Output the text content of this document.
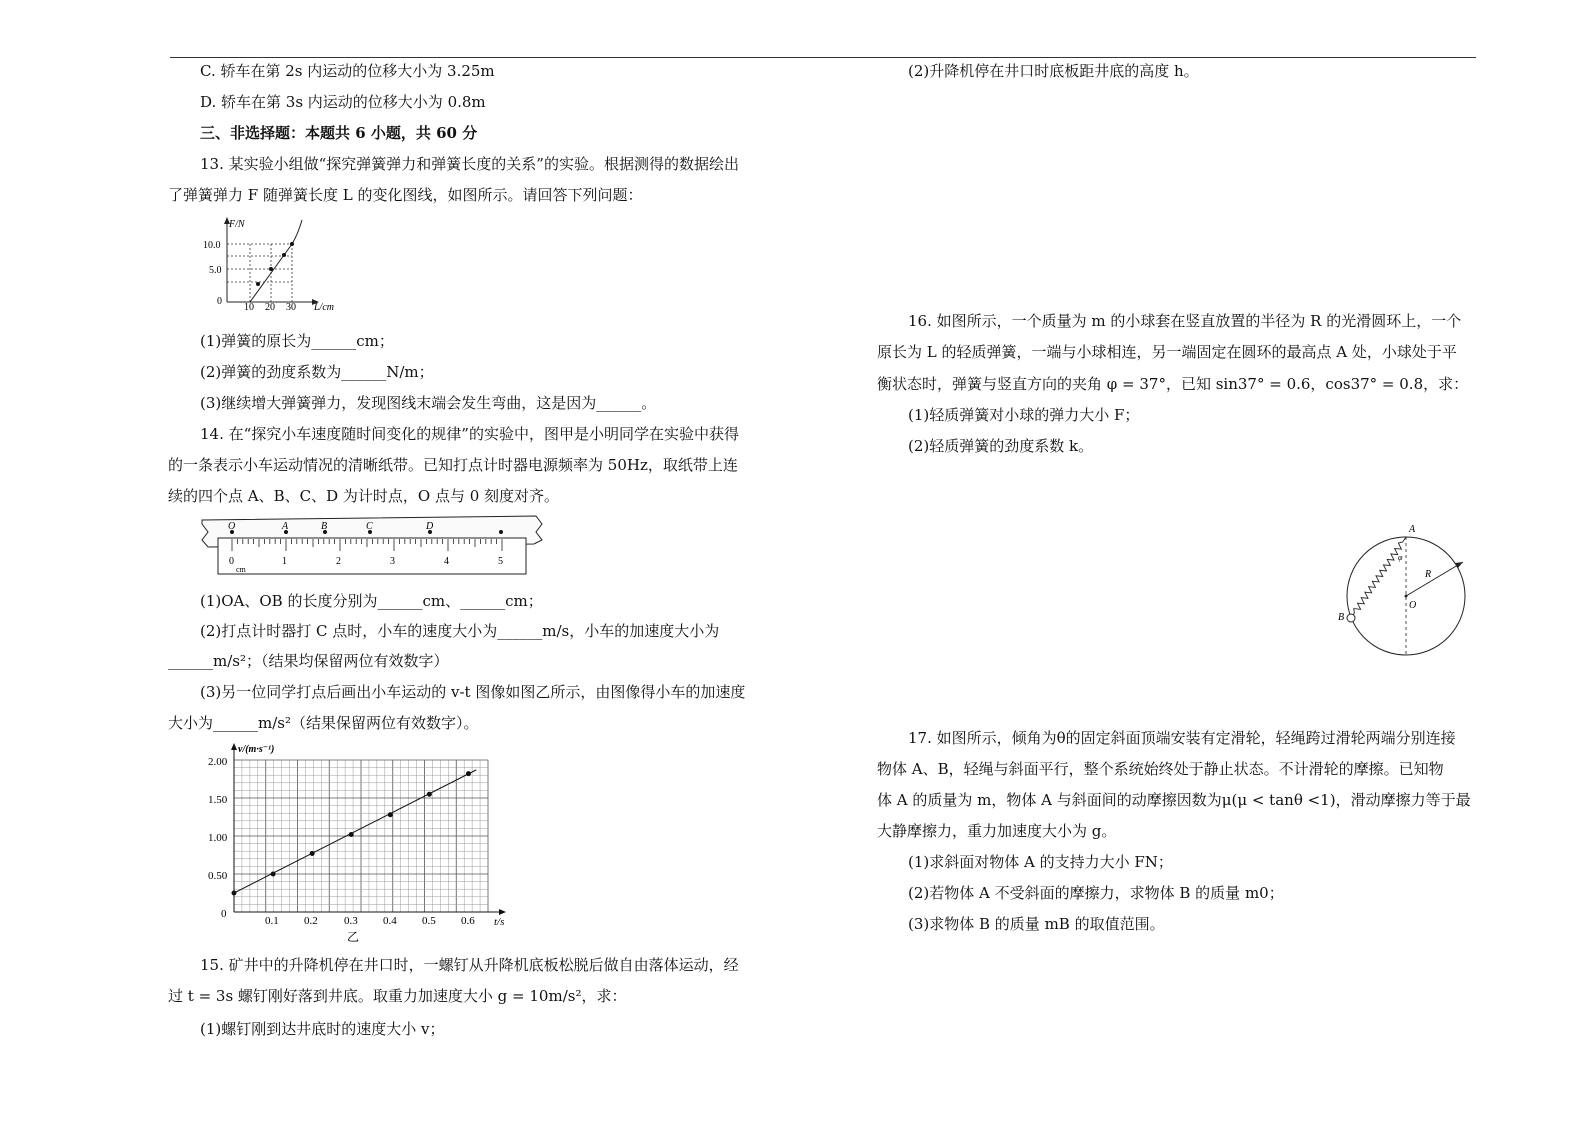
C. 轿车在第 2s 内运动的位移大小为 3.25m
D. 轿车在第 3s 内运动的位移大小为 0.8m
三、非选择题：本题共 6 小题，共 60 分
13. 某实验小组做“探究弹簧弹力和弹簧长度的关系”的实验。根据测得的数据绘出
了弹簧弹力 F 随弹簧长度 L 的变化图线，如图所示。请回答下列问题：
F/N
10.0
5.0
0
10 20 30 L/cm
(1)弹簧的原长为______cm；
(2)弹簧的劲度系数为______N/m；
(3)继续增大弹簧弹力，发现图线末端会发生弯曲，这是因为______。
14. 在“探究小车速度随时间变化的规律”的实验中，图甲是小明同学在实验中获得
的一条表示小车运动情况的清晰纸带。已知打点计时器电源频率为 50Hz，取纸带上连
续的四个点 A、B、C、D 为计时点，O 点与 0 刻度对齐。
O	A	B	C	D
0	1	2	3	4	5
cm
(1)OA、OB 的长度分别为______cm、______cm；
(2)打点计时器打 C 点时，小车的速度大小为______m/s，小车的加速度大小为
______m/s²；（结果均保留两位有效数字）
(3)另一位同学打点后画出小车运动的 v-t 图像如图乙所示，由图像得小车的加速度
大小为______m/s²（结果保留两位有效数字）。
v/(m·s⁻¹)
t/s
2.00
1.50
1.00
0.50
0
0.1 0.2 0.3 0.4 0.5 0.6
乙
15. 矿井中的升降机停在井口时，一螺钉从升降机底板松脱后做自由落体运动，经
过 t = 3s 螺钉刚好落到井底。取重力加速度大小 g = 10m/s²，求：
(1)螺钉刚到达井底时的速度大小 v；
(2)升降机停在井口时底板距井底的高度 h。
16. 如图所示，一个质量为 m 的小球套在竖直放置的半径为 R 的光滑圆环上，一个
原长为 L 的轻质弹簧，一端与小球相连，另一端固定在圆环的最高点 A 处，小球处于平
衡状态时，弹簧与竖直方向的夹角 φ = 37°，已知 sin37° = 0.6，cos37° = 0.8，求：
(1)轻质弹簧对小球的弹力大小 F；
(2)轻质弹簧的劲度系数 k。
A
B
O
R
φ
17. 如图所示，倾角为θ的固定斜面顶端安装有定滑轮，轻绳跨过滑轮两端分别连接
物体 A、B，轻绳与斜面平行，整个系统始终处于静止状态。不计滑轮的摩擦。已知物
体 A 的质量为 m，物体 A 与斜面间的动摩擦因数为μ(μ < tanθ <1)，滑动摩擦力等于最
大静摩擦力，重力加速度大小为 g。
(1)求斜面对物体 A 的支持力大小 FN；
(2)若物体 A 不受斜面的摩擦力，求物体 B 的质量 m0；
(3)求物体 B 的质量 mB 的取值范围。
